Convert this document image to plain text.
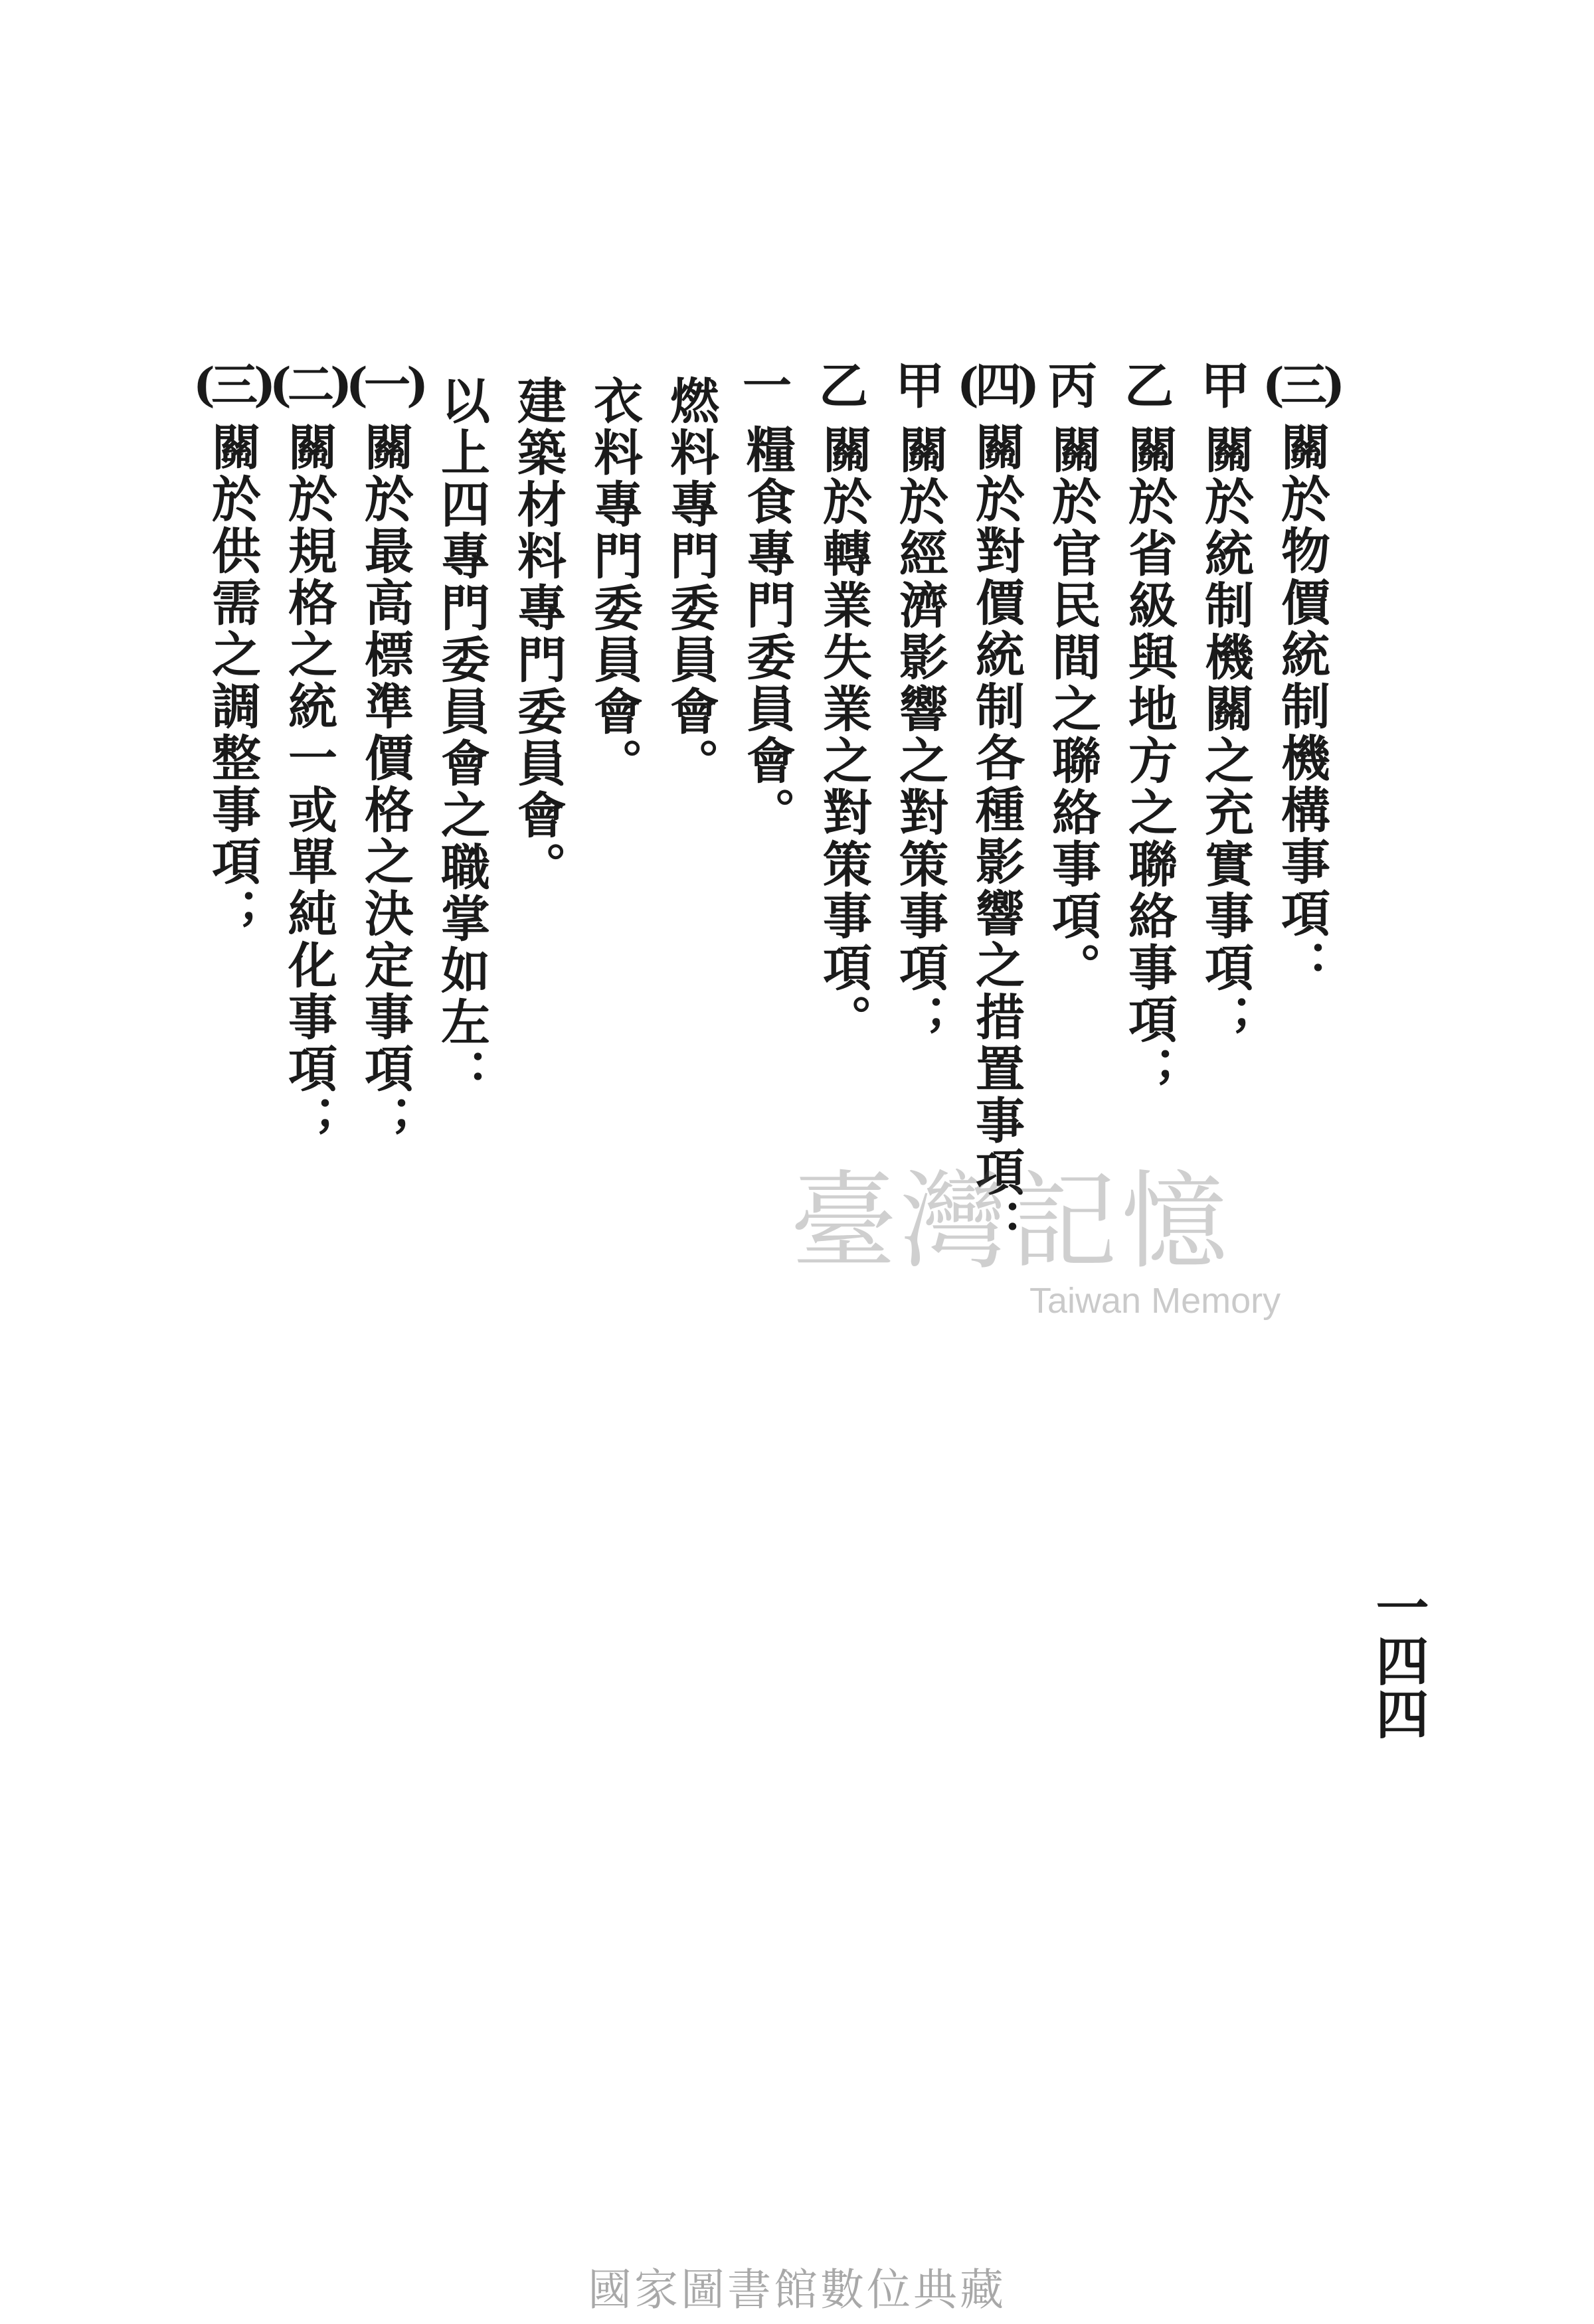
(三)
關於物價統制機構事項：
甲
關於統制機關之充實事項；
乙
關於省級與地方之聯絡事項；
丙
關於官民間之聯絡事項。
(四)
關於對價統制各種影響之措置事項：
甲
關於經濟影響之對策事項；
乙
關於轉業失業之對策事項。
一
糧食專門委員會。
燃料專門委員會。
衣料專門委員會。
建築材料專門委員會。
以上四專門委員會之職掌如左：
(一)
關於最高標準價格之決定事項；
(二)
關於規格之統一或單純化事項；
(三)
關於供需之調整事項；
一四四
臺灣記憶
Taiwan Memory
國家圖書館數位典藏
